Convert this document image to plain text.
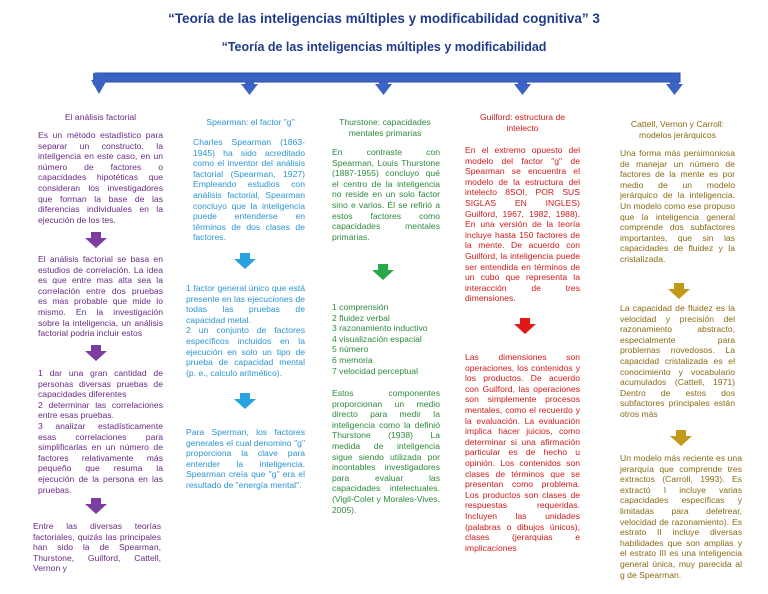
“Teoría de las inteligencias múltiples y modificabilidad cognitiva” 3
“Teoría de las inteligencias múltiples y modificabilidad
El análisis factorial
Es un método estadístico para separar un constructo, la inteligencia en este caso, en un número de factores o capacidades hipotéticas que consideran los investigadores que forman la base de las diferencias individuales en la ejecución de los tes.
El análisis factorial se basa en estudios de correlación. La idea es que entre mas alta sea la correlación entre dos pruebas es mas probable que mide lo mismo. En la investigación sobre la inteligencia, un análisis factorial podria incluir estos
1 dar una gran cantidad de personas diversas pruebas de capacidades diferentes
2 determinar las correlaciones entre esas pruebas.
3 analizar estadísticamente esas correlaciones para simplificarlas en un número de factores relativamente más pequeño que resuma la ejecución de la persona en las pruebas.
Entre las diversas teorías factoriales, quizás las principales han sido la de Spearman, Thurstone, Guilford, Cattell, Vernon y
Spearman: el factor "g"
Charles Spearman (1863-1945) ha sido acreditado como el inventor del análisis factorial (Spearman, 1927) Empleando estudios con análisis factorial, Spearman concluyo que la inteligencia puede entenderse en términos de dos clases de factores.
1 factor general único que está presente en las ejecuciones de todas las pruebas de capacidad metal.
2 un conjunto de factores específicos incluidos en la ejecución en solo un tipo de prueba de capacidad mental (p. e., calculo aritmético).
Para Sperman, los factores generales el cual denomino "g" proporciona la clave para entender la inteligencia. Spearman creía que "g" era el resultado de "energía mental".
Thurstone: capacidades mentales primarias
En contraste con Spearman, Louis Thurstone (1887-1955) concluyo qué el centro de la inteligencia no reside en un solo factor sino e varios. Él se refirió a estos factores como capacidades mentales primarias.
1 comprensión
2 fluidez verbal
3 razonamiento inductivo
4 visualización espacial
5 número
6 memoria
7 velocidad perceptual
Estos componentes proporcionan un medio directo para medir la inteligencia como la definió Thurstone (1938) La medida de inteligencia sigue siendo utilizada por incontables investigadores para evaluar las capacidades intelectuales. (Vigil-Colet y Morales-Vives, 2005).
Guilford: estructura de intelecto
En el extremo opuesto del modelo del factor "g" de Spearman se encuentra el modelo de la estructura del intelecto 8SOI, POR SUS SIGLAS EN INGLES) Guilford, 1967, 1982, 1988). En una versión de la teoría incluye hasta 150 factores de la mente. De acuerdo con Guilford, la inteligencia puede ser entendida en términos de un cubo que representa la interacción de tres dimensiones.
Las dimensiones son operaciones, los contenidos y los productos. De acuerdo con Guilford, las operaciones son simplemente procesos mentales, como el recuerdo y la evaluación. La evaluación implica hacer juicios, como determinar si una afirmación particular es de hecho u opinión. Los contenidos son clases de términos que se presentan como problema. Los productos son clases de respuestas requeridas. Incluyen las unidades (palabras o dibujos únicos), clases (jerarquias e implicaciones
Cattell, Vernon y Carroll: modelos jerárquicos
Una forma más persimoniosa de manejar un número de factores de la mente es por medio de un modelo jerárquico de la inteligencia. Un modelo como ese propuso que la inteligencia general comprende dos subfactores importantes, que sin las capacidades de fluidez y la cristalizada.
La capacidad de fluidez es la velocidad y precisión del razonamiento abstracto, especialmente para problemas novedosos. La capacidad cristalizada es el conocimiento y vocabulario acumulados (Cattell, 1971) Dentro de estos dos subfactores principales están otros más
Un modelo más reciente es una jerarquía que comprende tres extractos (Carroll, 1993). Es extractó I incluye varias capacidades específicas y limitadas para deletrear, velocidad de razonamiento). Es estrato II incluye diversas habilidades que son amplias y el estrato III es una inteligencia general única, muy parecida al g de Spearman.
